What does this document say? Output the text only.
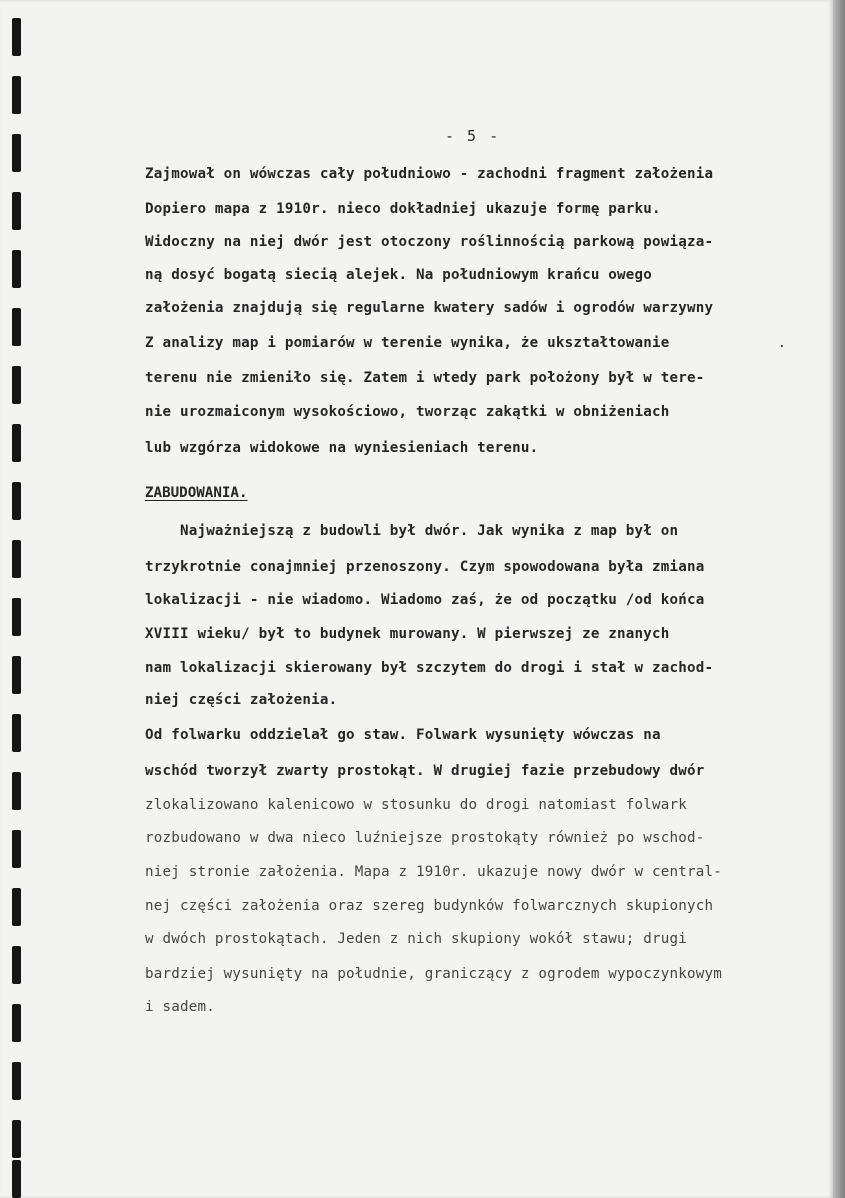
- 5 -
Zajmował on wówczas cały południowo - zachodni fragment założenia
Dopiero mapa z 1910r. nieco dokładniej ukazuje formę parku.
Widoczny na niej dwór jest otoczony roślinnością parkową powiąza-
ną dosyć bogatą siecią alejek. Na południowym krańcu owego
założenia znajdują się regularne kwatery sadów i ogrodów warzywny
Z analizy map i pomiarów w terenie wynika, że ukształtowanie
terenu nie zmieniło się. Zatem i wtedy park położony był w tere-
nie urozmaiconym wysokościowo, tworząc zakątki w obniżeniach
lub wzgórza widokowe na wyniesieniach terenu.
.
ZABUDOWANIA.
Najważniejszą z budowli był dwór. Jak wynika z map był on
trzykrotnie conajmniej przenoszony. Czym spowodowana była zmiana
lokalizacji - nie wiadomo. Wiadomo zaś, że od początku /od końca
XVIII wieku/ był to budynek murowany. W pierwszej ze znanych
nam lokalizacji skierowany był szczytem do drogi i stał w zachod-
niej części założenia.
Od folwarku oddzielał go staw. Folwark wysunięty wówczas na
wschód tworzył zwarty prostokąt. W drugiej fazie przebudowy dwór
zlokalizowano kalenicowo w stosunku do drogi natomiast folwark
rozbudowano w dwa nieco luźniejsze prostokąty również po wschod-
niej stronie założenia. Mapa z 1910r. ukazuje nowy dwór w central-
nej części założenia oraz szereg budynków folwarcznych skupionych
w dwóch prostokątach. Jeden z nich skupiony wokół stawu; drugi
bardziej wysunięty na południe, graniczący z ogrodem wypoczynkowym
i sadem.
